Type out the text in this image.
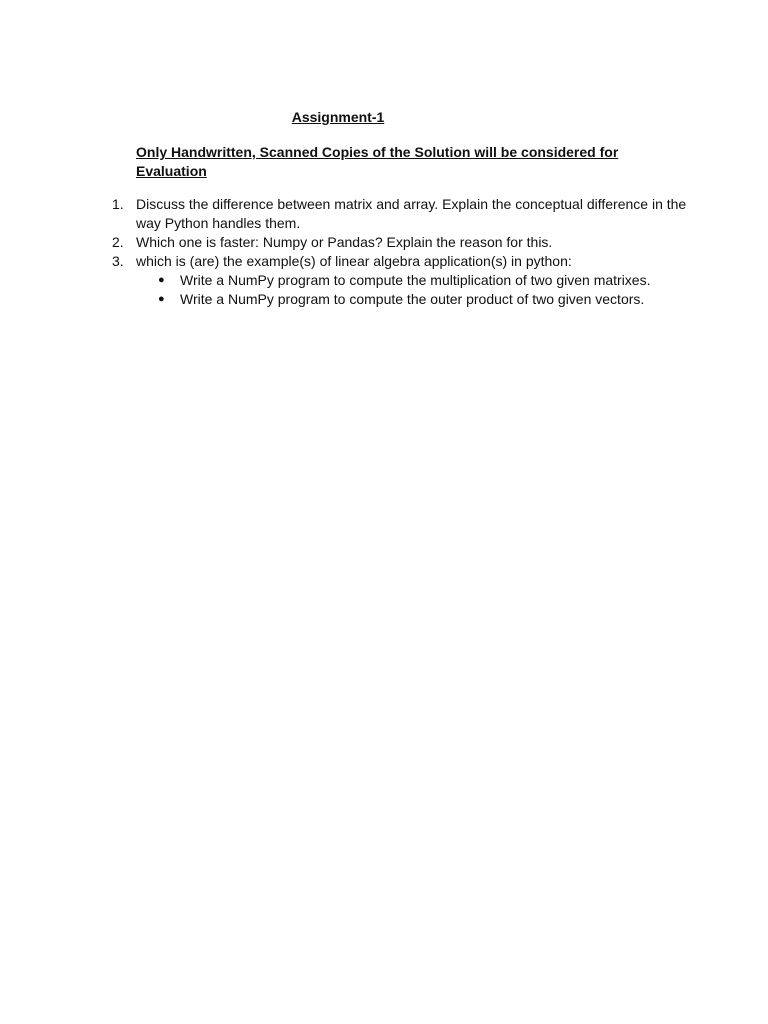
Assignment-1
Only Handwritten, Scanned Copies of the Solution will be considered for Evaluation
1. Discuss the difference between matrix and array. Explain the conceptual difference in the way Python handles them.
2. Which one is faster: Numpy or Pandas? Explain the reason for this.
3. which is (are) the example(s) of linear algebra application(s) in python:
● Write a NumPy program to compute the multiplication of two given matrixes.
● Write a NumPy program to compute the outer product of two given vectors.
